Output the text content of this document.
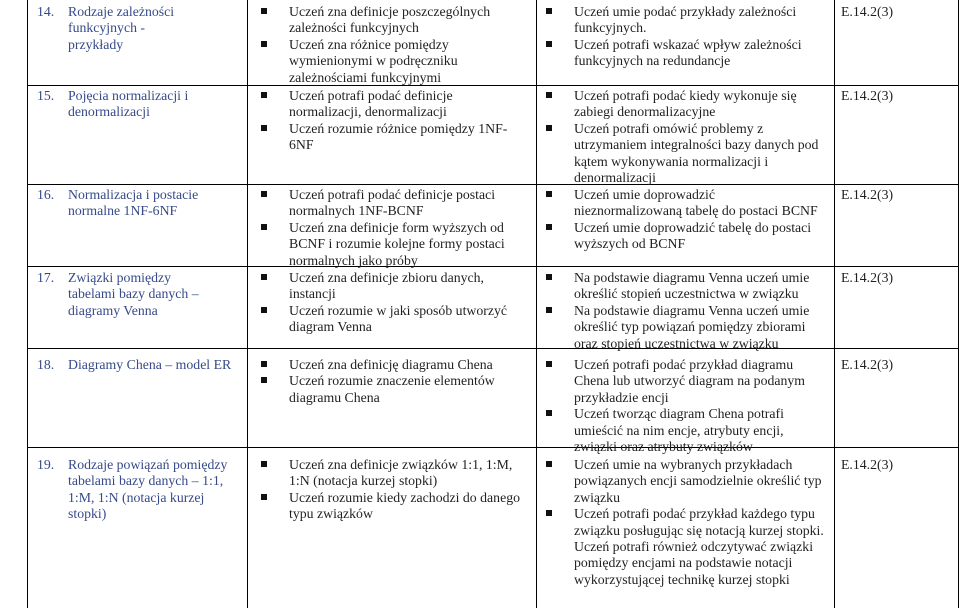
14. Rodzaje zależności funkcyjnych - przykłady
Uczeń zna definicje poszczególnych zależności funkcyjnych
Uczeń zna różnice pomiędzy wymienionymi w podręczniku zależnościami funkcyjnymi
Uczeń umie podać przykłady zależności funkcyjnych.
Uczeń potrafi wskazać wpływ zależności funkcyjnych na redundancje
E.14.2(3)
15. Pojęcia normalizacji i denormalizacji
Uczeń potrafi podać definicje normalizacji, denormalizacji
Uczeń rozumie różnice pomiędzy 1NF-6NF
Uczeń potrafi podać kiedy wykonuje się zabiegi denormalizacyjne
Uczeń potrafi omówić problemy z utrzymaniem integralności bazy danych pod kątem wykonywania normalizacji i denormalizacji
E.14.2(3)
16. Normalizacja i postacie normalne 1NF-6NF
Uczeń potrafi podać definicje postaci normalnych 1NF-BCNF
Uczeń zna definicje form wyższych od BCNF i rozumie kolejne formy postaci normalnych jako próby
Uczeń umie doprowadzić nieznormalizowaną tabelę do postaci BCNF
Uczeń umie doprowadzić tabelę do postaci wyższych od BCNF
E.14.2(3)
17. Związki pomiędzy tabelami bazy danych – diagramy Venna
Uczeń zna definicje zbioru danych, instancji
Uczeń rozumie w jaki sposób utworzyć diagram Venna
Na podstawie diagramu Venna uczeń umie określić stopień uczestnictwa w związku
Na podstawie diagramu Venna uczeń umie określić typ powiązań pomiędzy zbiorami oraz stopień uczestnictwa w związku
E.14.2(3)
18. Diagramy Chena – model ER	Uczeń zna definicję diagramu Chena
Uczeń rozumie znaczenie elementów diagramu Chena
Uczeń potrafi podać przykład diagramu Chena lub utworzyć diagram na podanym przykładzie encji
Uczeń tworząc diagram Chena potrafi umieścić na nim encje, atrybuty encji, związki oraz atrybuty związków
E.14.2(3)
19. Rodzaje powiązań pomiędzy tabelami bazy danych – 1:1, 1:M, 1:N (notacja kurzej stopki)
Uczeń zna definicje związków 1:1, 1:M, 1:N (notacja kurzej stopki)
Uczeń rozumie kiedy zachodzi do danego typu związków
Uczeń umie na wybranych przykładach powiązanych encji samodzielnie określić typ związku
Uczeń potrafi podać przykład każdego typu związku posługując się notacją kurzej stopki. Uczeń potrafi również odczytywać związki pomiędzy encjami na podstawie notacji wykorzystującej technikę kurzej stopki
E.14.2(3)
